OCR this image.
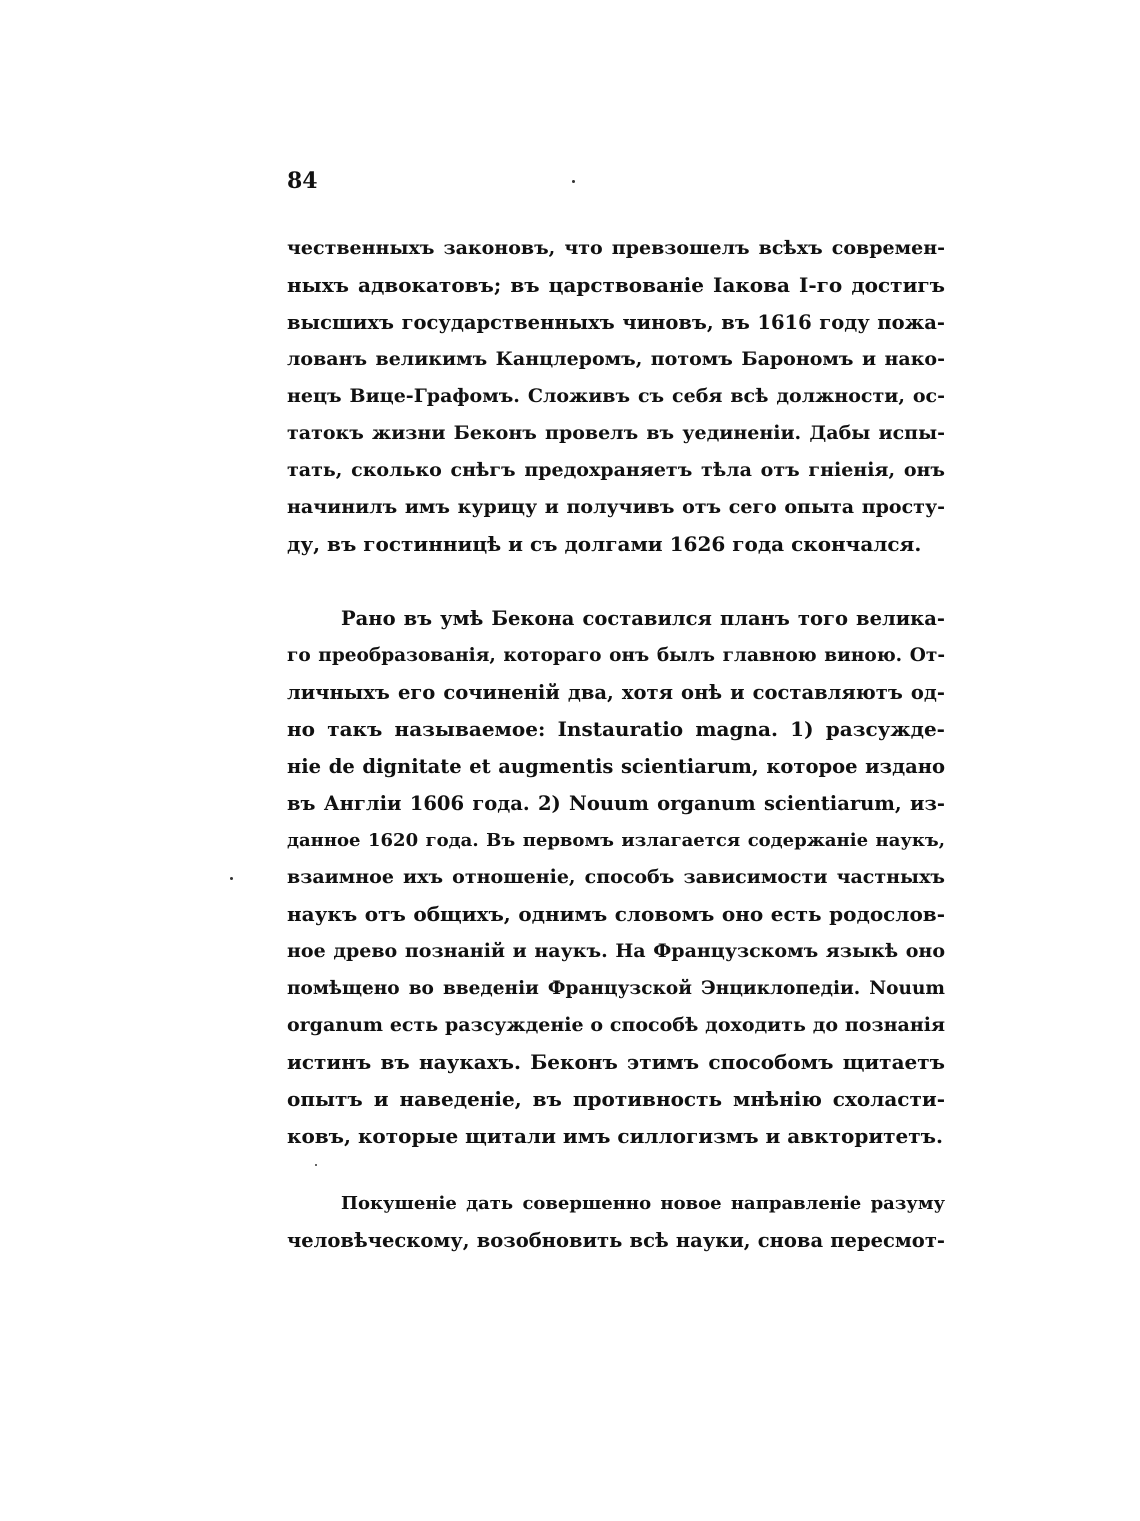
84
чественныхъ законовъ, что превзошелъ всѣхъ современ-
ныхъ адвокатовъ; въ царствованіе Іакова I-го достигъ
высшихъ государственныхъ чиновъ, въ 1616 году пожа-
лованъ великимъ Канцлеромъ, потомъ Барономъ и нако-
нецъ Вице-Графомъ. Сложивъ съ себя всѣ должности, ос-
татокъ жизни Беконъ провелъ въ уединеніи. Дабы испы-
тать, сколько снѣгъ предохраняетъ тѣла отъ гніенія, онъ
начинилъ имъ курицу и получивъ отъ сего опыта просту-
ду, въ гостинницѣ и съ долгами 1626 года скончался.
Рано въ умѣ Бекона составился планъ того велика-
го преобразованія, котораго онъ былъ главною виною. От-
личныхъ его сочиненій два, хотя онѣ и составляютъ од-
но такъ называемое: Instauratio magna. 1) разсужде-
ніе de dignitate et augmentis scientiarum, которое издано
въ Англіи 1606 года. 2) Nouum organum scientiarum, из-
данное 1620 года. Въ первомъ излагается содержаніе наукъ,
взаимное ихъ отношеніе, способъ зависимости частныхъ
наукъ отъ общихъ, однимъ словомъ оно есть родослов-
ное древо познаній и наукъ. На Французскомъ языкѣ оно
помѣщено во введеніи Французской Энциклопедіи. Nouum
organum есть разсужденіе о способѣ доходить до познанія
истинъ въ наукахъ. Беконъ этимъ способомъ щитаетъ
опытъ и наведеніе, въ противность мнѣнію схоласти-
ковъ, которые щитали имъ силлогизмъ и авкторитетъ.
Покушеніе дать совершенно новое направленіе разуму
человѣческому, возобновить всѣ науки, снова пересмот-
